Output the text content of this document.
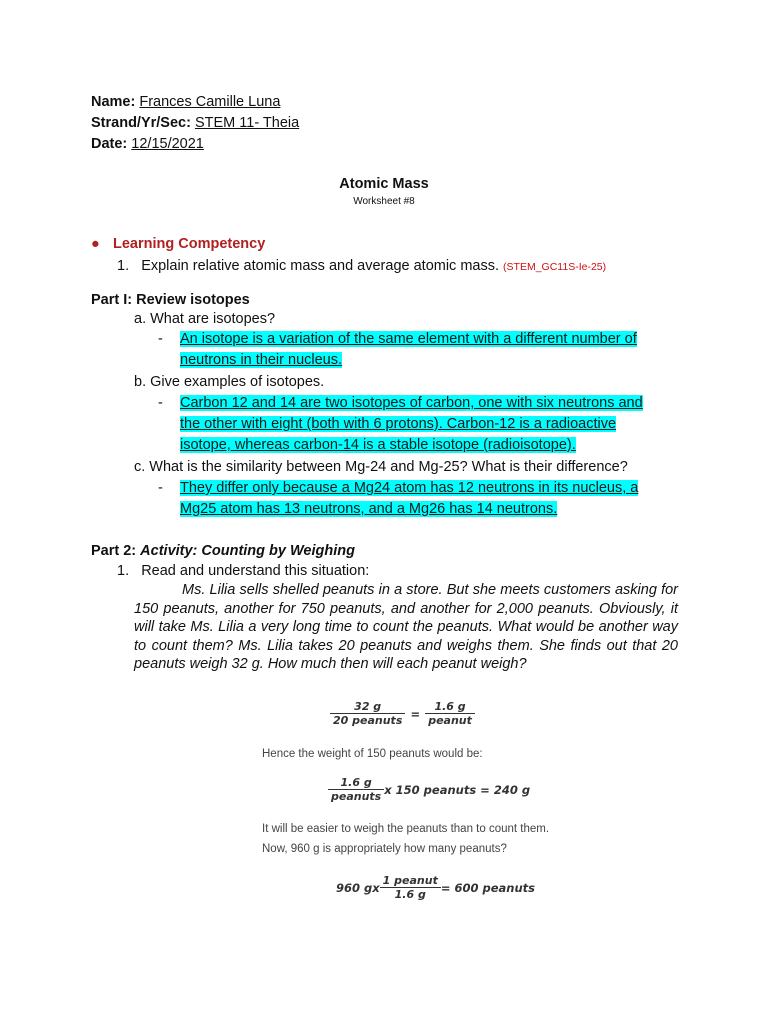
Name: Frances Camille Luna
Strand/Yr/Sec: STEM 11- Theia
Date: 12/15/2021
Atomic Mass
Worksheet #8
● Learning Competency
1. Explain relative atomic mass and average atomic mass. (STEM_GC11S-Ie-25)
Part I: Review isotopes
a. What are isotopes?
- An isotope is a variation of the same element with a different number of neutrons in their nucleus.
b. Give examples of isotopes.
- Carbon 12 and 14 are two isotopes of carbon, one with six neutrons and the other with eight (both with 6 protons). Carbon-12 is a radioactive isotope, whereas carbon-14 is a stable isotope (radioisotope).
c. What is the similarity between Mg-24 and Mg-25? What is their difference?
- They differ only because a Mg24 atom has 12 neutrons in its nucleus, a Mg25 atom has 13 neutrons, and a Mg26 has 14 neutrons.
Part 2: Activity: Counting by Weighing
1. Read and understand this situation:
Ms. Lilia sells shelled peanuts in a store. But she meets customers asking for 150 peanuts, another for 750 peanuts, and another for 2,000 peanuts. Obviously, it will take Ms. Lilia a very long time to count the peanuts. What would be another way to count them? Ms. Lilia takes 20 peanuts and weighs them. She finds out that 20 peanuts weigh 32 g. How much then will each peanut weigh?
$\frac{32 g}{\text{20 peanuts}} = \frac{1.6 g}{\text{peanut}}$
Hence the weight of 150 peanuts would be:
$\frac{1.6 g}{\text{peanuts}}$ x 150 peanuts = 240 g
It will be easier to weigh the peanuts than to count them.
Now, 960 g is appropriately how many peanuts?
960 gx $\frac{\text{1 peanut}}{1.6 g} = 600$ peanuts
